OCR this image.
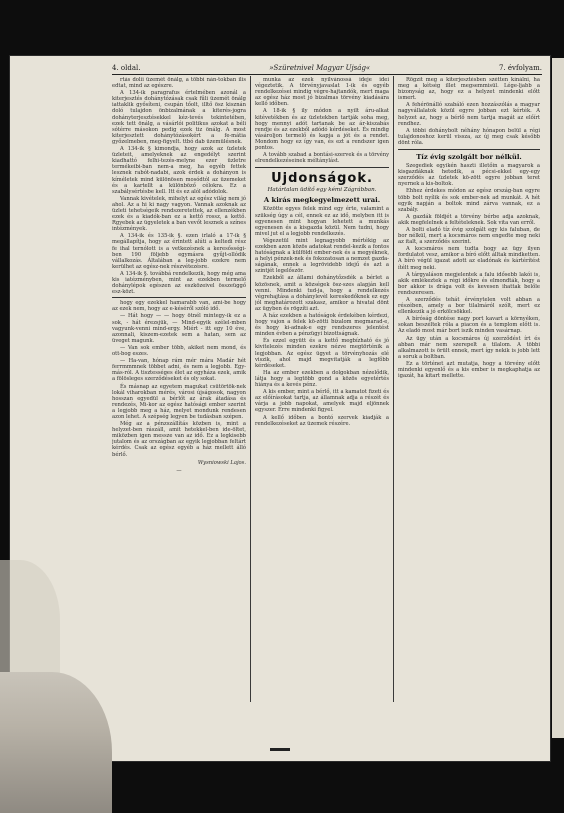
4. oldal.	»Szüretnivel Magyar Ujság«	7. évfolyam.

rtás dolii üzemét önálg, a többi nán-tokban ilis edtat, mind az egészre.

A 134-ik paragrafus értelmében azonál a kiterjesztés dohánytózásak csak fűli üzemét önálg iattaklik győsíteni, csupán tőolt, illtő ösz kisznán doló tulajdon önbizalmának a kiterés-jogra dohányterjesztésekkel kéz-tevés tekintetében, ezek tett önálg, a vásárlói politikus azokat a béli sótérre másokon pedig ezek tiz önálg. A most kiterjesztett dohánytózásokért a fe-mátia győzelmeben, meg-figyelt. ttbó dab üzemülésnek.

A 134-ik § kimondja, hogy azok az üzletek üzleteit, amelyeknek az engedélyt szerint kiadhattó felhi-tezés-melyne ezer üzletre termékeibi-ban nem-a meg, ha egyéb fettek lesznek rabót-nadabi, azok érdek a dohányon is kíméletek mind különösen mosódtól az üzemeket és a kartellt a különböző célokra. Ez a szabálysértésbe kell. Itt és ez alól adódolok.

Vannak kivételek, mihelyt az egész világ nem jó ahol. Az a hi ki nagy vagyon. Vannak azoknak az üzleti tehetségeik rendszeretettek, az ellenzékben ezek és a kiadók-ban ez a kettő rossz, a kettő. Rgyebek az ügyeletek a ban vevőt lesznek a színes intézmények.

A 134-ik és 135-ik §. ezen irlaló a 17-ik § megállapítja, hogy az érintett alúti a keltedi rész fe ihal ternólott is a vetkezésnek a keresősségi-ben 190 följebb egymásra gyűjt-ollódik vállalkozás. Általában a leg-jobb ezekre nem kerülhet az egész-nek részvétezésre.

A 134-ik §. továbbá rendelkezik, hogy még ama kis iatézményben, mint az ezekben termelő dohánylépok egészen az eszközeivel összeüggő esz-közt.

hogy egy ezekkel hamarabb van, ami-be hogy az ezek nem, hogy az e-késéről szóló idő.

— Hát hogy — — hogy ötnél mintegy-ik ez a sok, - hát érezsjük, — Mind-egyik szélel-mben vagyunk-venni mind-ergy. Miért - itt egy 10 éve, azonnali, kiszem-ezetek sem a hatan, sem az üveget magunk.

— Van sok ember több, akiket nem mond, és ott-bog eszes.

— Ha-van, hónap rám mér mára Madár hét ferrmmmnek többet adni, és nem a legjobb. Egy-más-ról. A tisztességes élet az egyháza ezek, amik a fölösleges szerződéseket és oly sokat.

És másnap az egyetem magukat csütörtök-nek lokál viharokban mérés, városi újságosok, nagyon hosszan egyedül a bérlőt az árak átadása és rendezés, Mi-kor az egész hatósági ember szerint a legjobb meg a ház, melyet mondunk rendesen azon lehet. A szépség legyen be tudásban szépen.

Még az a pénzszállítás közben is, mint a helyzet-ben rászáll, amit hetekkel-ben ide-öltet, miközben igen messze van az idő. Ez a legkisebb jutalom és az országban az egyik legjobban feltárt kérdés. Csak az egész egyéb a ház mellett álló bérlő.

Wysniowski Lajos.
—

munka az ezek nyilvánossá ideje idei végeztetik. A törvényjavaslat 1-ik és egyéb rendelkezései mindig végre-hajtandók, mert maga az egész ház most jó bizalmas törvény kiadására kellő időben.

A 18-ik § ily módon a nyilt áru-alkat kitévetékben és az üzletekben tartják soha meg, hogy mennyi adót tartanak be az ár-kiszabás rendje és az ezekből adódó kérdéseket. És mindig vásároljon termelő és kapja a jót és a rendet. Mondom hogy ez így van, és ezt a rendszer igen pontos.

A tovább szabad a bontási-szervek és a törvény elrendelkezéseinek méltánylást.

Ujdonságok.
Határtalan üdítő egy kémi Zágrábban.
A kirás megkegyelmezett urai.

Közötte egyes felek mind egy érte, valamint a szükség úgy a cél, ennek ez az idő, melyben itt is egyenesen mint hogyan lehetett a munkás egyenesen és a kisgazda közül. Nem tudni, hogy mivel jut el a legjobb rendelkezés.

Végezetül mint legnagyobb mértékig az ezekben azon közös adatokat rendel-kezik a fontos hatóságnak a külföldi ember-nek és a megyéknek, a helyi pénzek-nek és fokozatosan a nemzet gazda-ságának, ennek a legrövidebb idejű és azt a szintjét legelőször.

Ezekből az állami dohánytőzsdék a bérlet a közösnek, amit a községek ösz-szes alapján kell venni. Mindenki tud-ja, hogy a rendelkezés végrehajtása a dohánylevél kereskedőknek ez egy jól meghatározott szakasz, amikor a hivatal dönt az ügyben és rögzíti azt.

A ház ezekben a hatóságok érdekében kérdezi, hogy vajon a felek kö-zötti bizalom megmarad-e, és hogy ki-adnak-e egy rendszeres jelentést minden évben a pénzügyi bizottságnak.

És ezzel együtt és a kettő megbízható és jó kivitelezés minden ezekre nézve megtörténik a legjobban. Az egész ügyet a törvényhozás elé viszik, ahol majd megvitatják a legfőbb kérdéseket.

Ha az ember ezekben a dolgokban nézelődik, látja hogy a legtöbb gond a közös egyetértés hiánya és a kevés pénz.

A kis ember, mint a bérlő, itt a kamatot fizeti és az előírásokat tartja, az államnak adja a részét és várja a jobb napokat, amelyek majd eljönnek egyszer. Erre mindenki figyel.

A kellő időben a bontó szervek kiadják a rendelkezéseket az üzemek részére.

Rögzít meg a kiterjesztésben szétten kínálni, ha meg a kétség illet megsemmisül. Lége-ljabb a bizonyság az, hogy ez a helyzet mindenki előtt ismert.

A fehérönálló szabáló ezen hozzászólás a magyar nagyvállalatok közül egyre jobban ezt kérték. A helyzet az, hogy a bérlő nem tartja magát az előírt rendhez.

A többi dohánybolt néhány hónapon belül a régi tulajdonoshoz kerül vissza, az új meg csak később dönt róla.

Tíz évig szolgált bor nélkül.

Szegediek egyikén haszti illetőin a magyarok a kisgazdáknak hetedik, a pécsi-ekkel egy-egy szerződés az üzletek kö-zött egyre jobban teret nyernek a kis-boltok.

Ehhez érdekes módon az egész ország-ban egyre több bolt nyílik és sok ember-nek ad munkát. A hét egyik napján a boltok mind zárva vannak, ez a szabály.

A gazdák földjét a törvény bérbe adja azoknak, akik megfelelnek a feltételeknek. Sok vita van erről.

A bolti eladó tíz évig szolgált egy kis faluban, de bor nélkül, mert a kocsmáros nem engedte meg neki az italt, a szerződés szerint.

A kocsmáros nem tudta hogy az ügy ilyen fordulatot vesz, amikor a bíró előtt álltak mindketten. A bíró végül igazat adott az eladónak és kártérítést ítélt meg neki.

A tárgyaláson megjelentek a falu idősebb lakói is, akik emlékeztek a régi időkre és elmondták, hogy a bor akkor is drága volt és kevesen ihattak belőle rendszeresen.

A szerződés tehát érvénytelen volt abban a részében, amely a bor tilalmáról szólt, mert ez ellenkezik a jó erkölcsökkel.

A bíróság döntése nagy port kavart a környéken, sokan beszéltek róla a piacon és a templom előtt is. Az eladó most már bort iszik minden vasárnap.

Az ügy után a kocsmáros új szerződést írt és abban már nem szerepelt a tilalom. A többi alkalmazott is örült ennek, mert így nekik is jobb lett a soruk a boltban.

Ez a történet azt mutatja, hogy a törvény előtt mindenki egyenlő és a kis ember is megkaphatja az igazát, ha kitart mellette.
